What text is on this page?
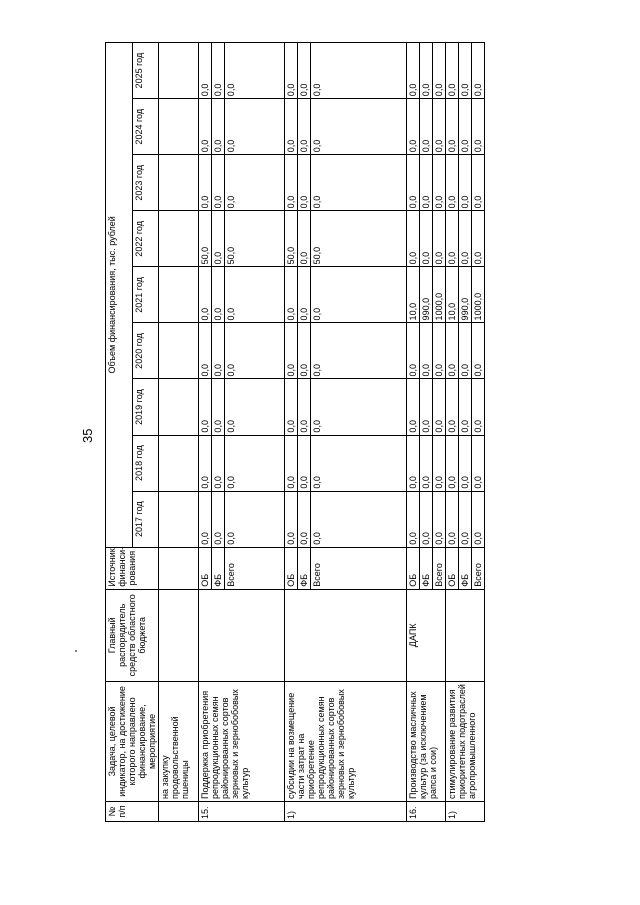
35
№ п/п	Задача, целевой индикатор, на достижение которого направлено финансирование, мероприятие	Главный распорядитель средств областного бюджета	Источник финанси-рования	Объем финансирования, тыс. рублей								
				2017 год	2018 год	2019 год	2020 год	2021 год	2022 год	2023 год	2024 год	2025 год
	на закупку продовольственной пшеницы											
15.	Поддержка приобретения репродукционных семян районированных сортов зерновых и зернобобовых культур		ОБ	0,0	0,0	0,0	0,0	0,0	50,0	0,0	0,0	0,0
			ФБ	0,0	0,0	0,0	0,0	0,0	0,0	0,0	0,0	0,0
			Всего	0,0	0,0	0,0	0,0	0,0	50,0	0,0	0,0	0,0
1)	субсидии на возмещение части затрат на приобретение репродукционных семян районированных сортов зерновых и зернобобовых культур		ОБ	0,0	0,0	0,0	0,0	0,0	50,0	0,0	0,0	0,0
			ФБ	0,0	0,0	0,0	0,0	0,0	0,0	0,0	0,0	0,0
			Всего	0,0	0,0	0,0	0,0	0,0	50,0	0,0	0,0	0,0
16.	Производство масличных культур (за исключением рапса и сои)	ДАПК	ОБ	0,0	0,0	0,0	0,0	10,0	0,0	0,0	0,0	0,0
			ФБ	0,0	0,0	0,0	0,0	990,0	0,0	0,0	0,0	0,0
			Всего	0,0	0,0	0,0	0,0	1000,0	0,0	0,0	0,0	0,0
1)	стимулирование развития приоритетных подотраслей агропромышленного		ОБ	0,0	0,0	0,0	0,0	10,0	0,0	0,0	0,0	0,0
			ФБ	0,0	0,0	0,0	0,0	990,0	0,0	0,0	0,0	0,0
			Всего	0,0	0,0	0,0	0,0	1000,0	0,0	0,0	0,0	0,0
